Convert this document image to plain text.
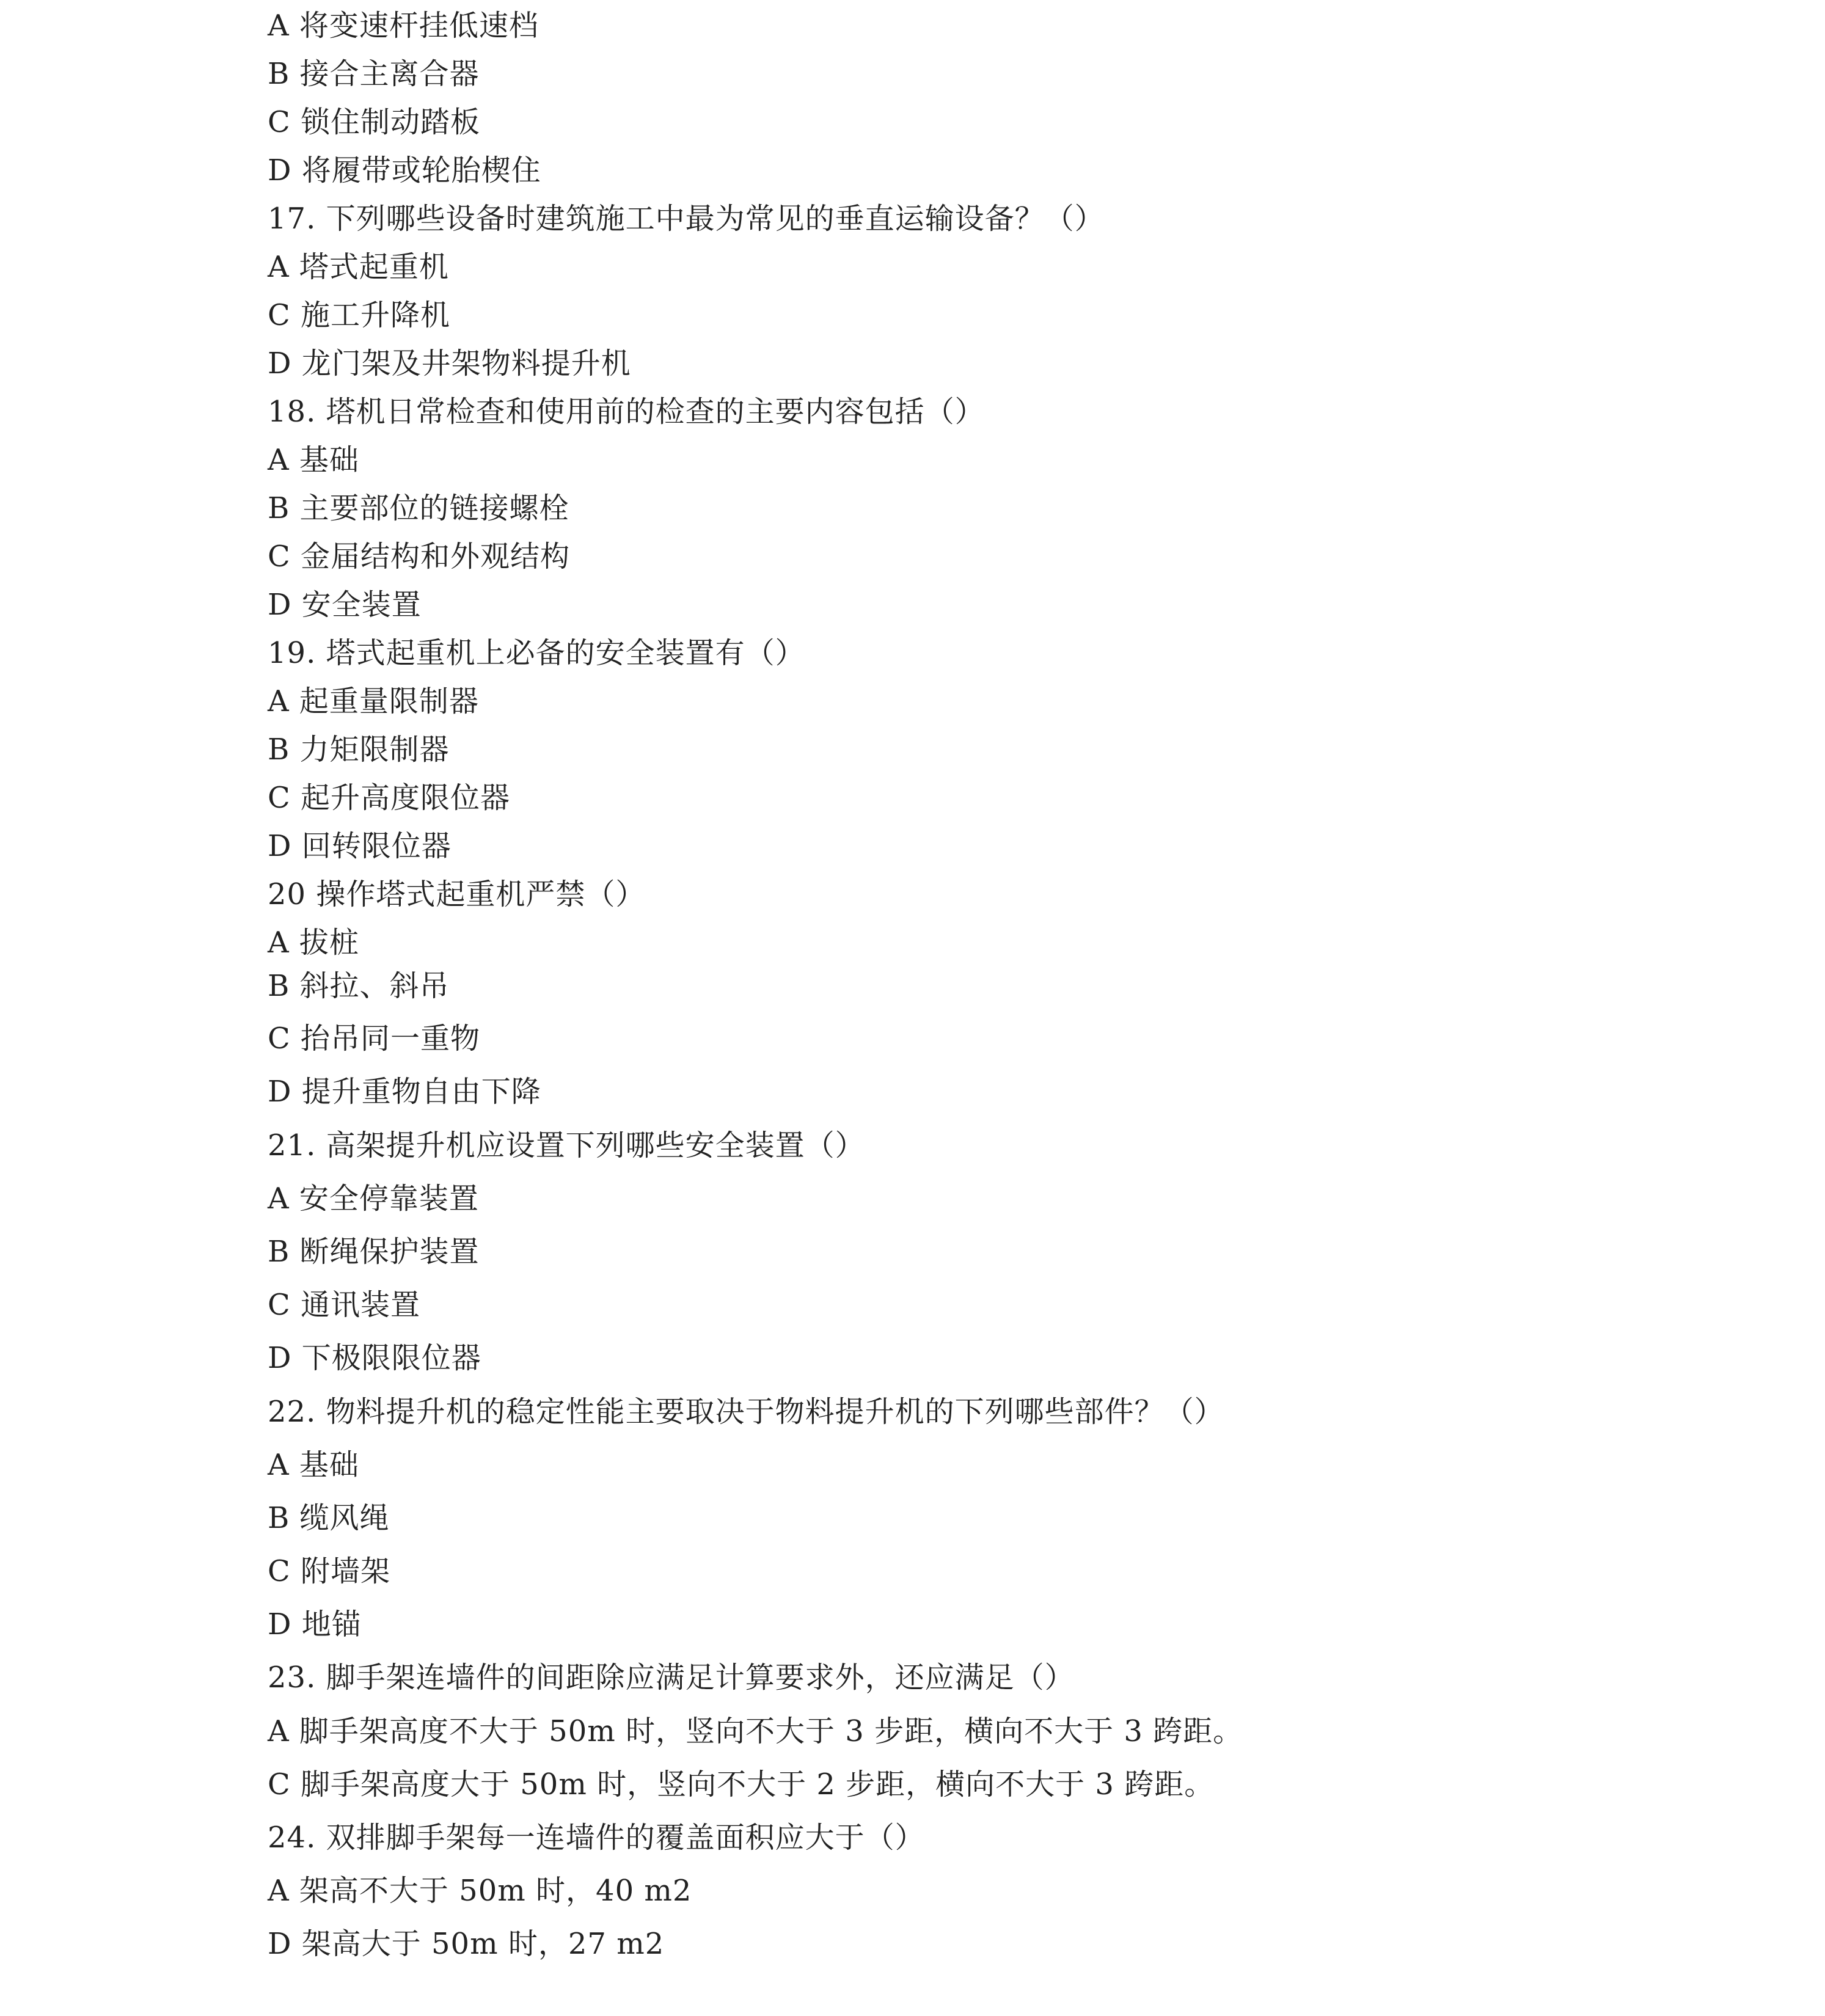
A 将变速杆挂低速档
B 接合主离合器
C 锁住制动踏板
D 将履带或轮胎楔住
17. 下列哪些设备时建筑施工中最为常见的垂直运输设备？（）
A 塔式起重机
C 施工升降机
D 龙门架及井架物料提升机
18. 塔机日常检查和使用前的检查的主要内容包括（）
A 基础
B 主要部位的链接螺栓
C 金届结构和外观结构
D 安全装置
19. 塔式起重机上必备的安全装置有（）
A 起重量限制器
B 力矩限制器
C 起升高度限位器
D 回转限位器
20 操作塔式起重机严禁（）
A 拔桩
B 斜拉、斜吊
C 抬吊同一重物
D 提升重物自由下降
21. 高架提升机应设置下列哪些安全装置（）
A 安全停靠装置
B 断绳保护装置
C 通讯装置
D 下极限限位器
22. 物料提升机的稳定性能主要取决于物料提升机的下列哪些部件？（）
A 基础
B 缆风绳
C 附墙架
D 地锚
23. 脚手架连墙件的间距除应满足计算要求外，还应满足（）
A 脚手架高度不大于 50m 时，竖向不大于 3 步距，横向不大于 3 跨距。
C 脚手架高度大于 50m 时，竖向不大于 2 步距，横向不大于 3 跨距。
24. 双排脚手架每一连墙件的覆盖面积应大于（）
A 架高不大于 50m 时，40 m2
D 架高大于 50m 时，27 m2
